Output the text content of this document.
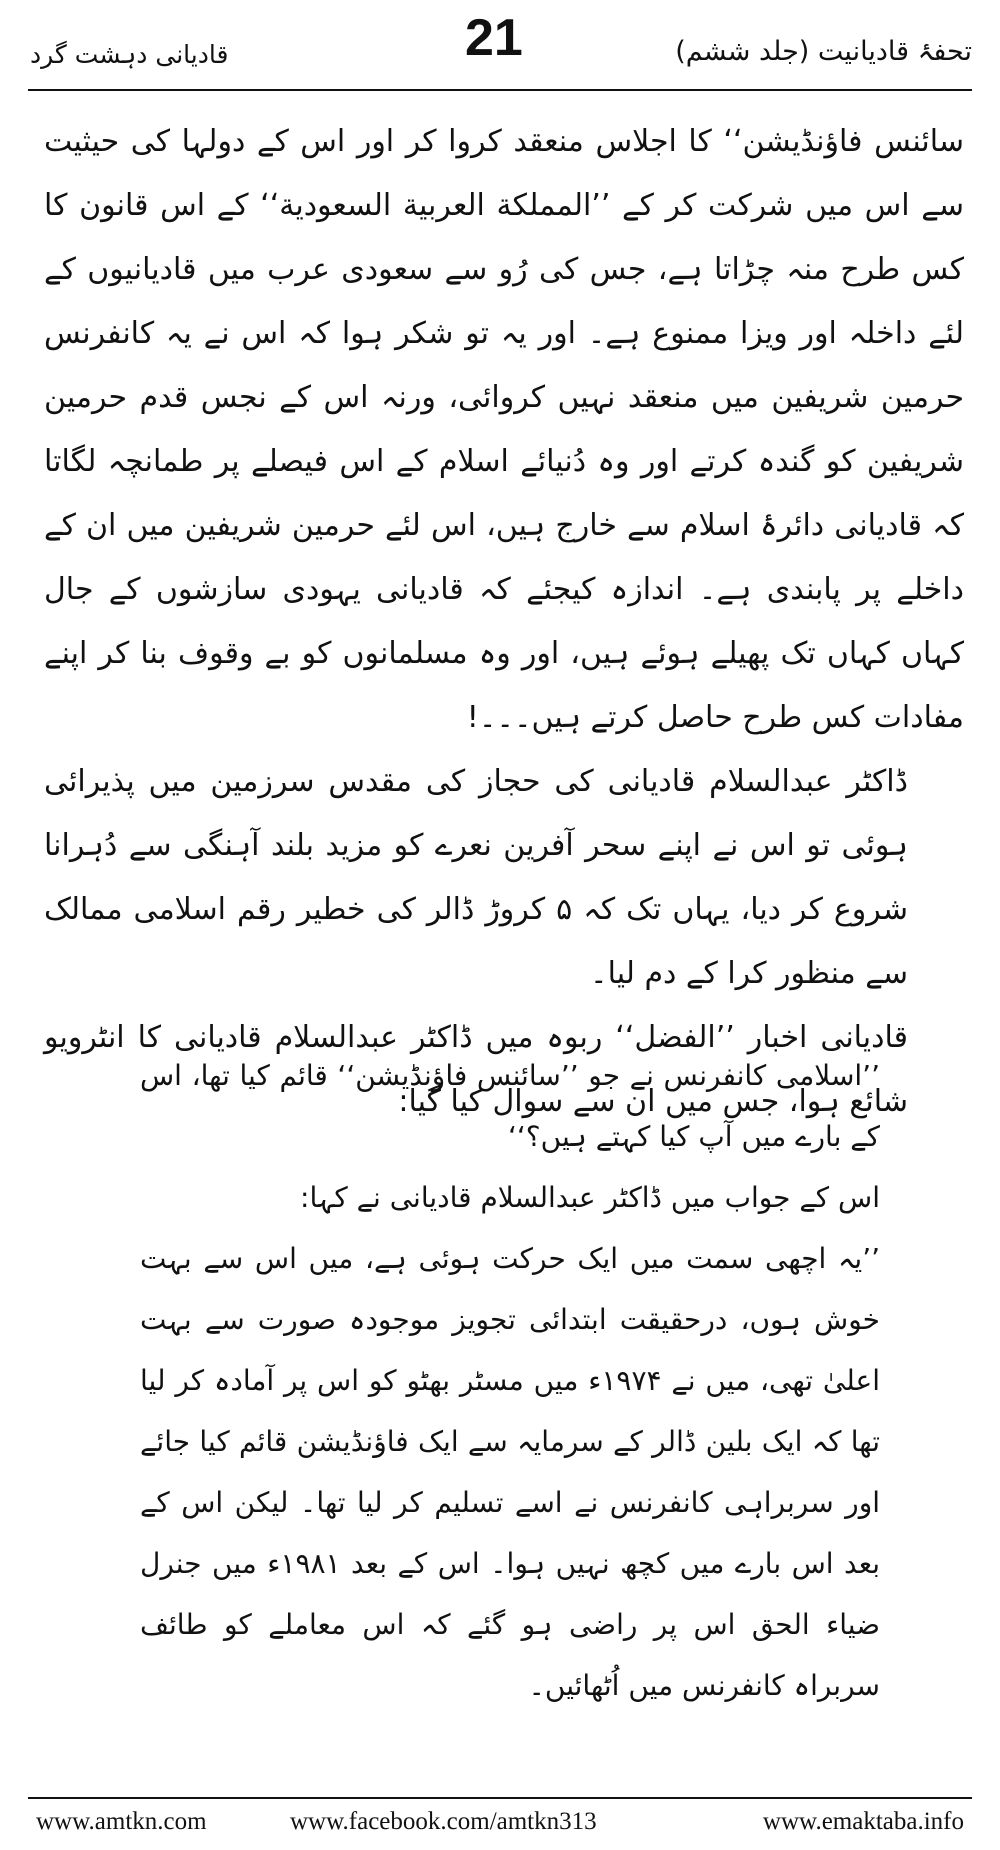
قادیانی دہشت گرد	21	تحفۂ قادیانیت (جلد ششم)

سائنس فاؤنڈیشن‘‘ کا اجلاس منعقد کروا کر اور اس کے دولہا کی حیثیت سے اس میں شرکت کر کے ’’المملکة العربیة السعودیة‘‘ کے اس قانون کا کس طرح منہ چڑاتا ہے، جس کی رُو سے سعودی عرب میں قادیانیوں کے لئے داخلہ اور ویزا ممنوع ہے۔ اور یہ تو شکر ہوا کہ اس نے یہ کانفرنس حرمین شریفین میں منعقد نہیں کروائی، ورنہ اس کے نجس قدم حرمین شریفین کو گندہ کرتے اور وہ دُنیائے اسلام کے اس فیصلے پر طمانچہ لگاتا کہ قادیانی دائرۂ اسلام سے خارج ہیں، اس لئے حرمین شریفین میں ان کے داخلے پر پابندی ہے۔ اندازہ کیجئے کہ قادیانی یہودی سازشوں کے جال کہاں کہاں تک پھیلے ہوئے ہیں، اور وہ مسلمانوں کو بے وقوف بنا کر اپنے مفادات کس طرح حاصل کرتے ہیں۔۔۔!

ڈاکٹر عبدالسلام قادیانی کی حجاز کی مقدس سرزمین میں پذیرائی ہوئی تو اس نے اپنے سحر آفرین نعرے کو مزید بلند آہنگی سے دُہرانا شروع کر دیا، یہاں تک کہ ۵ کروڑ ڈالر کی خطیر رقم اسلامی ممالک سے منظور کرا کے دم لیا۔

قادیانی اخبار ’’الفضل‘‘ ربوہ میں ڈاکٹر عبدالسلام قادیانی کا انٹرویو شائع ہوا، جس میں ان سے سوال کیا گیا:

’’اسلامی کانفرنس نے جو ’’سائنس فاؤنڈیشن‘‘ قائم کیا تھا، اس کے بارے میں آپ کیا کہتے ہیں؟‘‘

اس کے جواب میں ڈاکٹر عبدالسلام قادیانی نے کہا:

’’یہ اچھی سمت میں ایک حرکت ہوئی ہے، میں اس سے بہت خوش ہوں، درحقیقت ابتدائی تجویز موجودہ صورت سے بہت اعلیٰ تھی، میں نے ۱۹۷۴ء میں مسٹر بھٹو کو اس پر آمادہ کر لیا تھا کہ ایک بلین ڈالر کے سرمایہ سے ایک فاؤنڈیشن قائم کیا جائے اور سربراہی کانفرنس نے اسے تسلیم کر لیا تھا۔ لیکن اس کے بعد اس بارے میں کچھ نہیں ہوا۔ اس کے بعد ۱۹۸۱ء میں جنرل ضیاء الحق اس پر راضی ہو گئے کہ اس معاملے کو طائف سربراہ کانفرنس میں اُٹھائیں۔

www.amtkn.com	www.facebook.com/amtkn313	www.emaktaba.info
